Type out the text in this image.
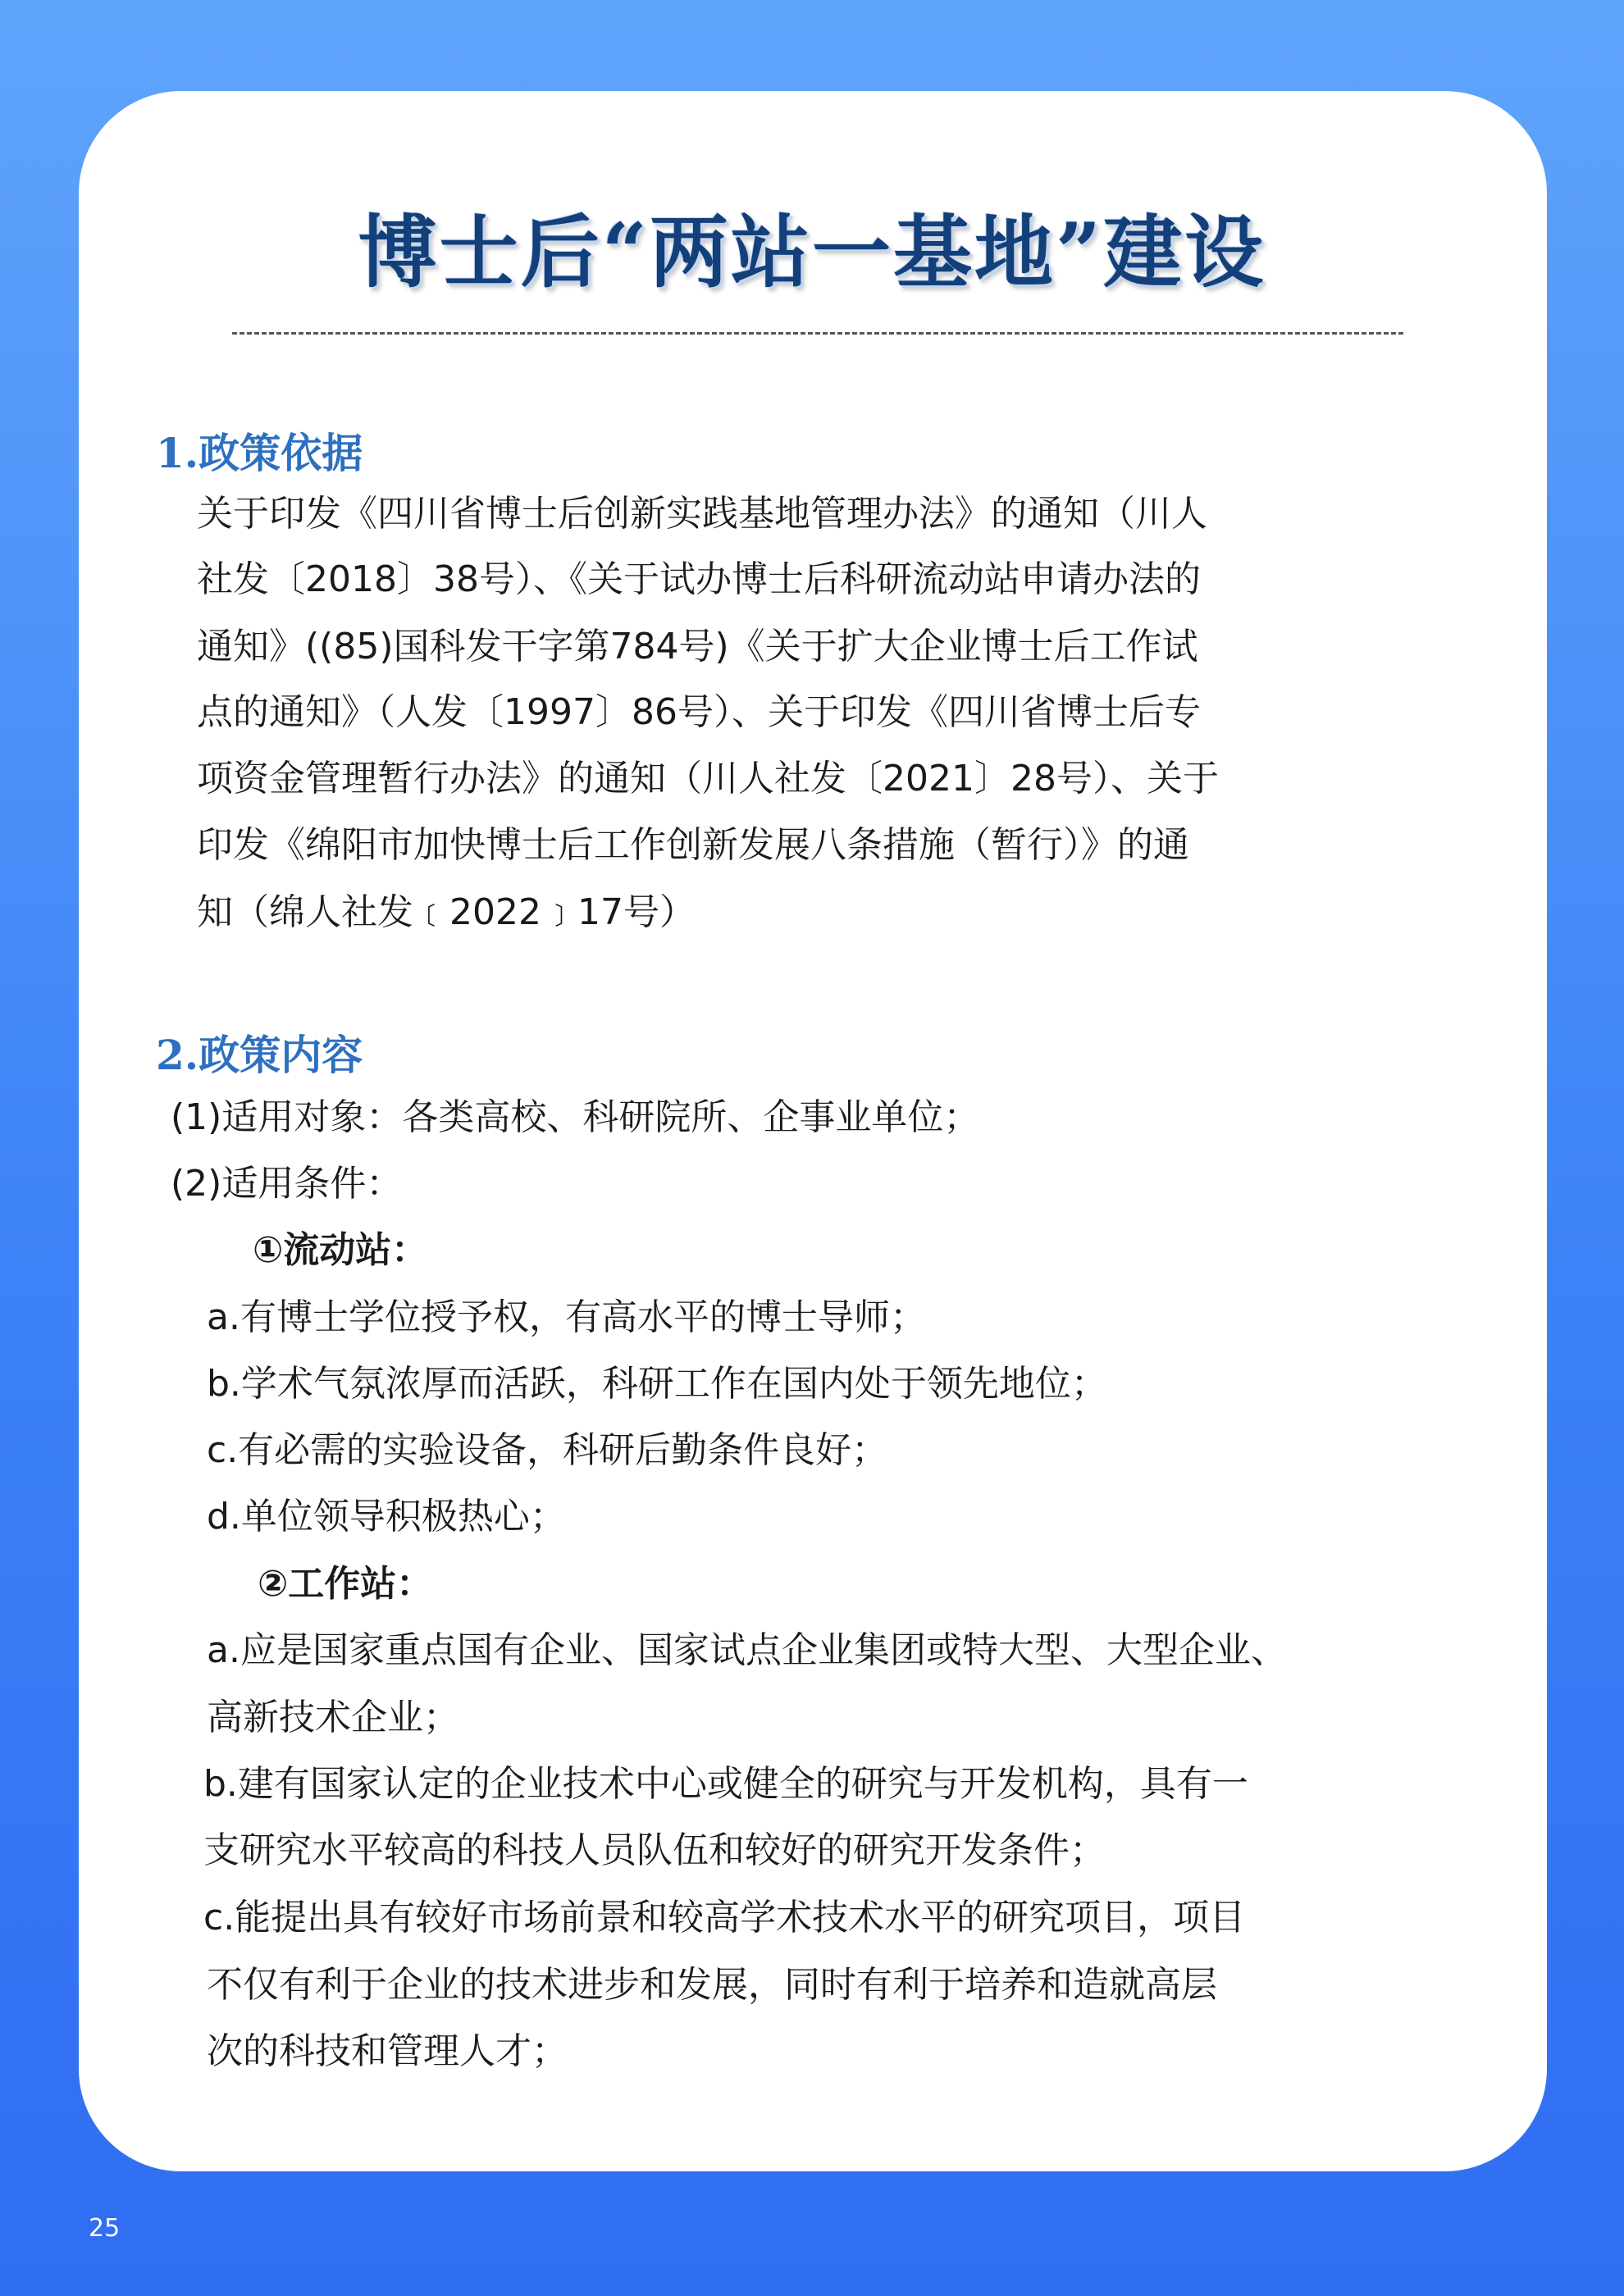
博士后“两站一基地”建设
1.政策依据

关于印发《四川省博士后创新实践基地管理办法》的通知（川人

社发〔2018〕38号）、《关于试办博士后科研流动站申请办法的

通知》((85)国科发干字第784号)《关于扩大企业博士后工作试

点的通知》（人发〔1997〕86号）、关于印发《四川省博士后专

项资金管理暂行办法》的通知（川人社发〔2021〕28号）、关于

印发《绵阳市加快博士后工作创新发展八条措施（暂行）》的通

知（绵人社发﹝2022﹞17号）

2.政策内容

(1)适用对象：各类高校、科研院所、企事业单位；

(2)适用条件：

①流动站：

a.有博士学位授予权，有高水平的博士导师；

b.学术气氛浓厚而活跃，科研工作在国内处于领先地位；

c.有必需的实验设备，科研后勤条件良好；

d.单位领导积极热心；

②工作站：

a.应是国家重点国有企业、国家试点企业集团或特大型、大型企业、

高新技术企业；

b.建有国家认定的企业技术中心或健全的研究与开发机构，具有一

支研究水平较高的科技人员队伍和较好的研究开发条件；

c.能提出具有较好市场前景和较高学术技术水平的研究项目，项目

不仅有利于企业的技术进步和发展，同时有利于培养和造就高层

次的科技和管理人才；

25
